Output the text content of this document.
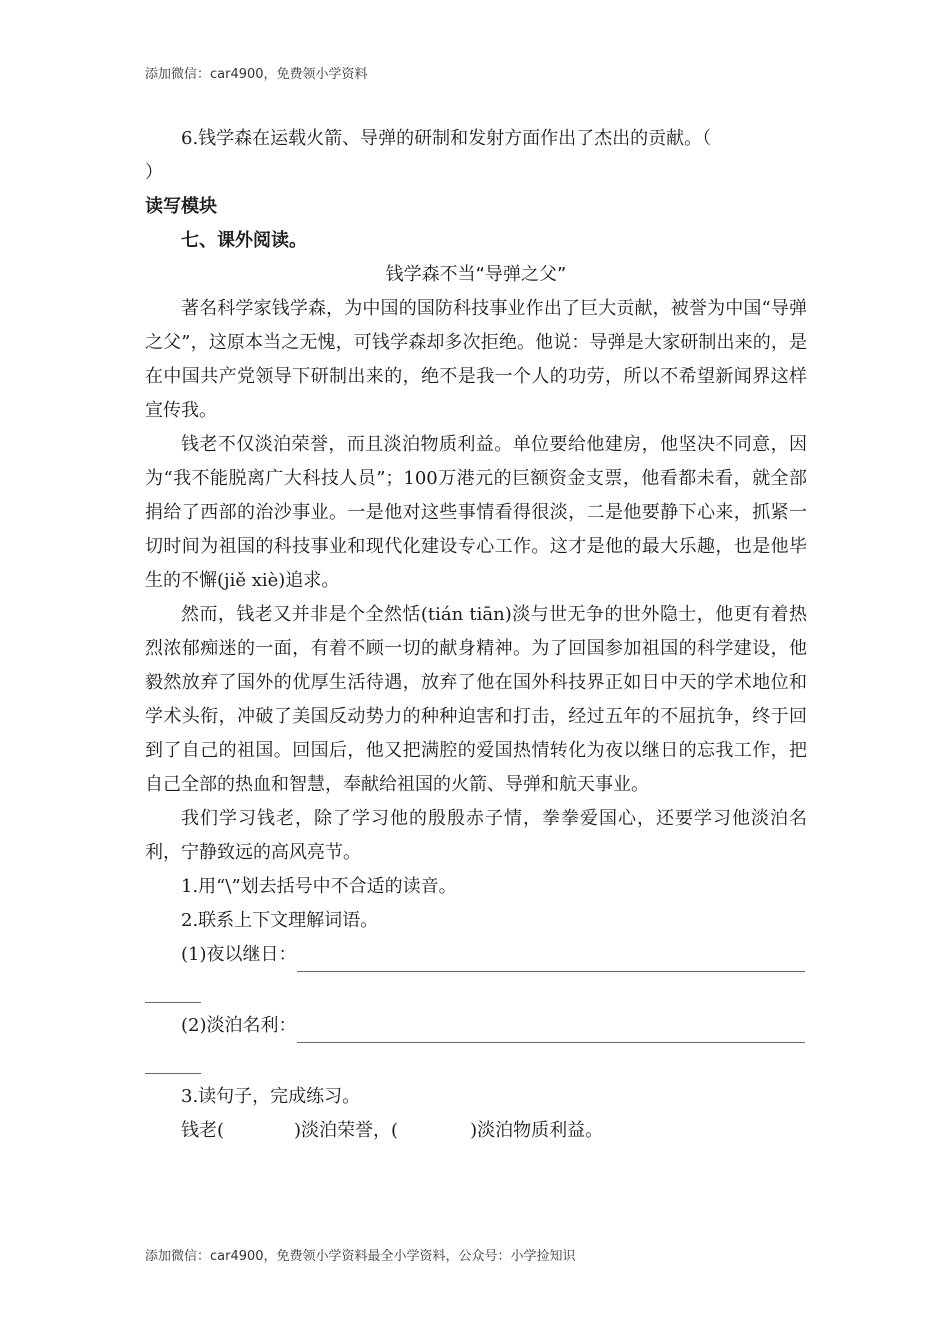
添加微信：car4900，免费领小学资料

6.钱学森在运载火箭、导弹的研制和发射方面作出了杰出的贡献。（

）

读写模块

七、课外阅读。

钱学森不当“导弹之父”

著名科学家钱学森，为中国的国防科技事业作出了巨大贡献，被誉为中国“导弹之父”，这原本当之无愧，可钱学森却多次拒绝。他说：导弹是大家研制出来的，是在中国共产党领导下研制出来的，绝不是我一个人的功劳，所以不希望新闻界这样宣传我。

钱老不仅淡泊荣誉，而且淡泊物质利益。单位要给他建房，他坚决不同意，因为“我不能脱离广大科技人员”；100万港元的巨额资金支票，他看都未看，就全部捐给了西部的治沙事业。一是他对这些事情看得很淡，二是他要静下心来，抓紧一切时间为祖国的科技事业和现代化建设专心工作。这才是他的最大乐趣，也是他毕生的不懈(jiě xiè)追求。

然而，钱老又并非是个全然恬(tián tiān)淡与世无争的世外隐士，他更有着热烈浓郁痴迷的一面，有着不顾一切的献身精神。为了回国参加祖国的科学建设，他毅然放弃了国外的优厚生活待遇，放弃了他在国外科技界正如日中天的学术地位和学术头衔，冲破了美国反动势力的种种迫害和打击，经过五年的不屈抗争，终于回到了自己的祖国。回国后，他又把满腔的爱国热情转化为夜以继日的忘我工作，把自己全部的热血和智慧，奉献给祖国的火箭、导弹和航天事业。

我们学习钱老，除了学习他的殷殷赤子情，拳拳爱国心，还要学习他淡泊名利，宁静致远的高风亮节。

1.用“\”划去括号中不合适的读音。

2.联系上下文理解词语。

(1)夜以继日：

(2)淡泊名利：

3.读句子，完成练习。

钱老(	)淡泊荣誉，(	)淡泊物质利益。

添加微信：car4900，免费领小学资料最全小学资料，公众号：小学捡知识
